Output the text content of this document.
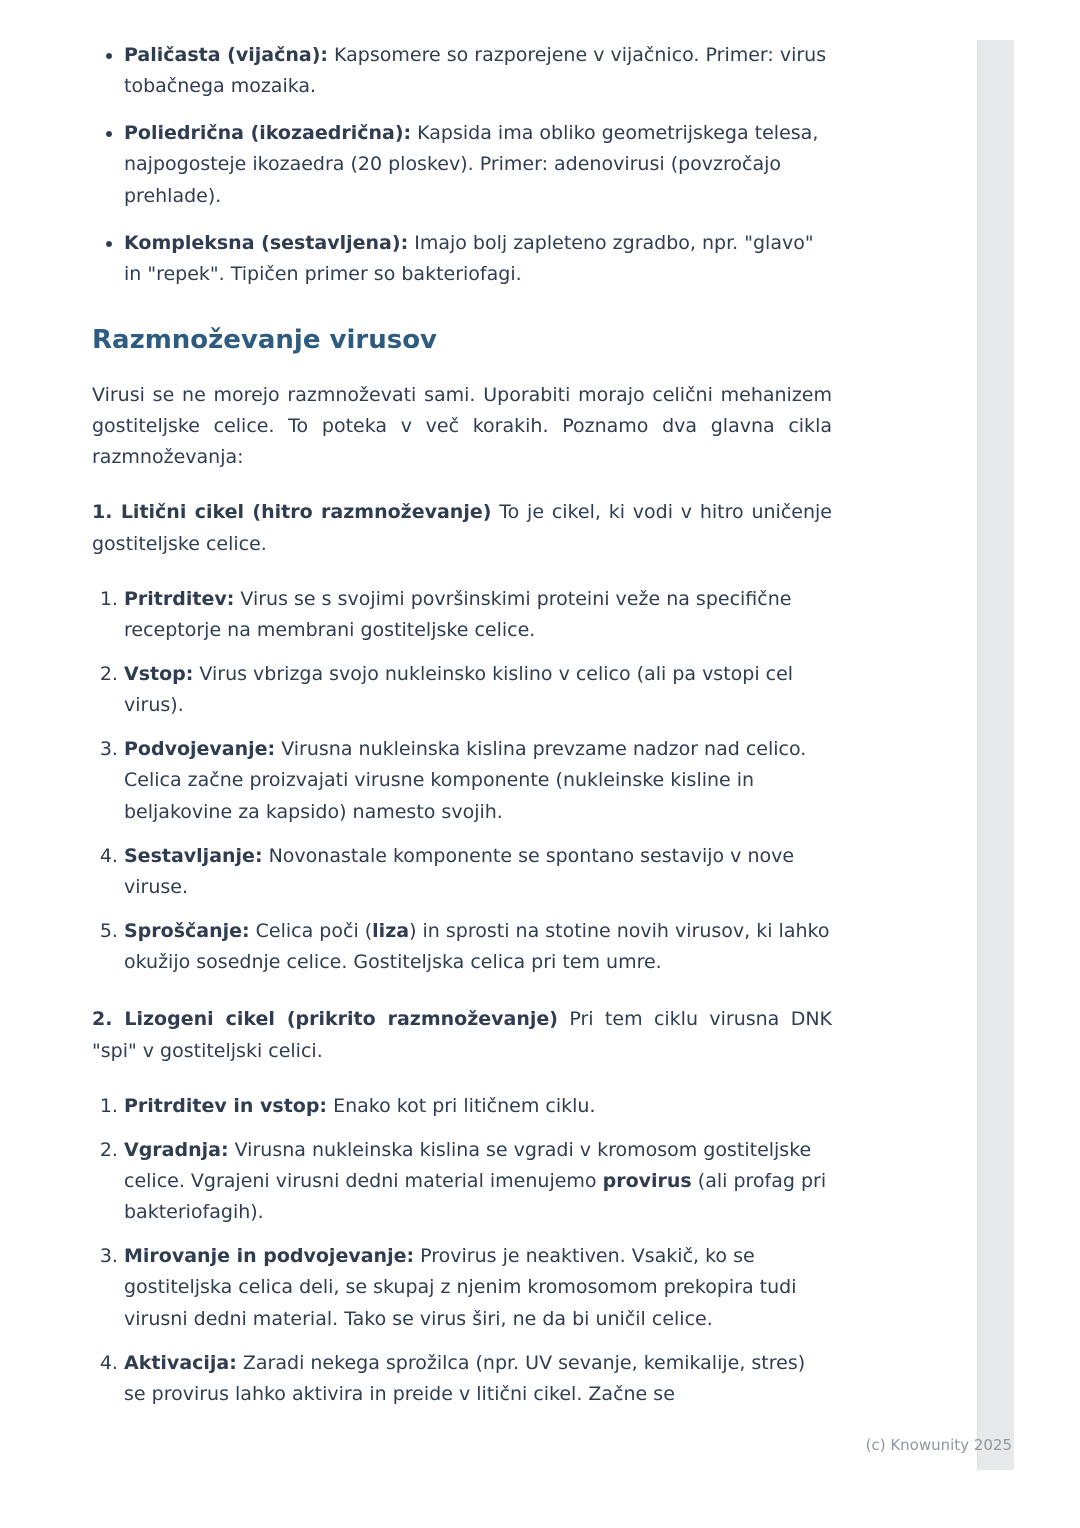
• Paličasta (vijačna): Kapsomere so razporejene v vijačnico. Primer: virus tobačnega mozaika.
• Poliedrična (ikozaedrična): Kapsida ima obliko geometrijskega telesa, najpogosteje ikozaedra (20 ploskev). Primer: adenovirusi (povzročajo prehlade).
• Kompleksna (sestavljena): Imajo bolj zapleteno zgradbo, npr. "glavo" in "repek". Tipičen primer so bakteriofagi.
Razmnoževanje virusov

Virusi se ne morejo razmnoževati sami. Uporabiti morajo celični mehanizem gostiteljske celice. To poteka v več korakih. Poznamo dva glavna cikla razmnoževanja:

1. Litični cikel (hitro razmnoževanje) To je cikel, ki vodi v hitro uničenje gostiteljske celice.

1. Pritrditev: Virus se s svojimi površinskimi proteini veže na specifične receptorje na membrani gostiteljske celice.
2. Vstop: Virus vbrizga svojo nukleinsko kislino v celico (ali pa vstopi cel virus).
3. Podvojevanje: Virusna nukleinska kislina prevzame nadzor nad celico. Celica začne proizvajati virusne komponente (nukleinske kisline in beljakovine za kapsido) namesto svojih.
4. Sestavljanje: Novonastale komponente se spontano sestavijo v nove viruse.
5. Sproščanje: Celica poči (liza) in sprosti na stotine novih virusov, ki lahko okužijo sosednje celice. Gostiteljska celica pri tem umre.

2. Lizogeni cikel (prikrito razmnoževanje) Pri tem ciklu virusna DNK "spi" v gostiteljski celici.

1. Pritrditev in vstop: Enako kot pri litičnem ciklu.
2. Vgradnja: Virusna nukleinska kislina se vgradi v kromosom gostiteljske celice. Vgrajeni virusni dedni material imenujemo provirus (ali profag pri bakteriofagih).
3. Mirovanje in podvojevanje: Provirus je neaktiven. Vsakič, ko se gostiteljska celica deli, se skupaj z njenim kromosomom prekopira tudi virusni dedni material. Tako se virus širi, ne da bi uničil celice.
4. Aktivacija: Zaradi nekega sprožilca (npr. UV sevanje, kemikalije, stres) se provirus lahko aktivira in preide v litični cikel. Začne se
(c) Knowunity 2025
